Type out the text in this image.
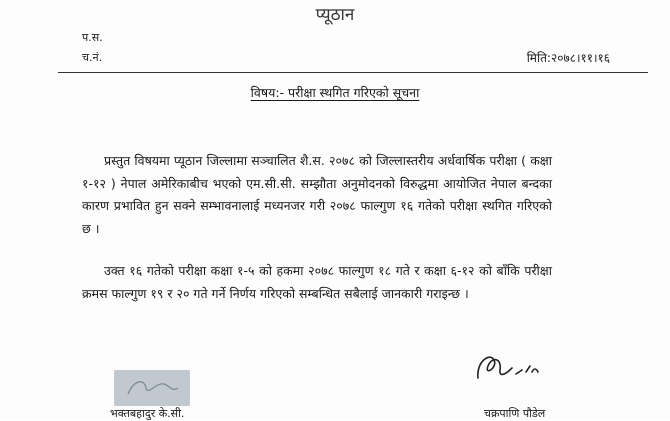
प्यूठान
प.स.
च.नं.	मिति:२०७८।११।१६
विषय:- परीक्षा स्थगित गरिएको सूचना

प्रस्तुत विषयमा प्यूठान जिल्लामा सञ्चालित शै.स. २०७८ को जिल्लास्तरीय अर्धवार्षिक परीक्षा ( कक्षा १-१२ ) नेपाल अमेरिकाबीच भएको एम.सी.सी. सम्झौता अनुमोदनको विरुद्धमा आयोजित नेपाल बन्दका कारण प्रभावित हुन सक्ने सम्भावनालाई मध्यनजर गरी २०७८ फाल्गुण १६ गतेको परीक्षा स्थगित गरिएको छ ।

उक्त १६ गतेको परीक्षा कक्षा १-५ को हकमा २०७८ फाल्गुण १८ गते र कक्षा ६-१२ को बाँकि परीक्षा क्रमस फाल्गुण १९ र २० गते गर्ने निर्णय गरिएको सम्बन्धित सबैलाई जानकारी गराइन्छ ।

भक्तबहादुर के.सी.	चक्रपाणि पौडेल
